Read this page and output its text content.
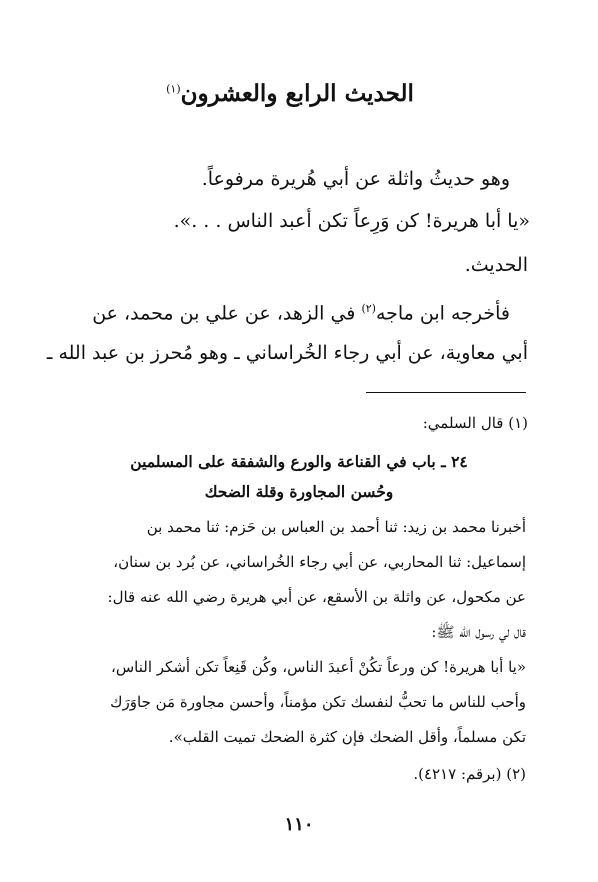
الحديث الرابع والعشرون$^{(١)}$
وهو حديثُ واثلة عن أبي هُريرة مرفوعاً.
«يا أبا هريرة! كن وَرِعاً تكن أعبد الناس . . .».
الحديث.
فأخرجه ابن ماجه$^{(٢)}$ في الزهد، عن علي بن محمد، عن
أبي معاوية، عن أبي رجاء الخُراساني ـ وهو مُحرز بن عبد الله ـ
(١) قال السلمي:
٢٤ ـ باب في القناعة والورع والشفقة على المسلمين
وحُسن المجاورة وقلة الضحك
أخبرنا محمد بن زيد: ثنا أحمد بن العباس بن حَزم: ثنا محمد بن
إسماعيل: ثنا المحاربي، عن أبي رجاء الخُراساني، عن بُرد بن سنان،
عن مكحول، عن واثلة بن الأسقع، عن أبي هريرة رضي الله عنه قال:
قال لي رسول الله ﷺ:
«يا أبا هريرة! كن ورعاً تكُنْ أعبدَ الناس، وكُن قَنِعاً تكن أشكر الناس،
وأحب للناس ما تحبُّ لنفسك تكن مؤمناً، وأحسن مجاورة مَن جاوَرَك
تكن مسلماً، وأقل الضحك فإن كثرة الضحك تميت القلب».
(٢) (برقم: ٤٢١٧).
١١٠
